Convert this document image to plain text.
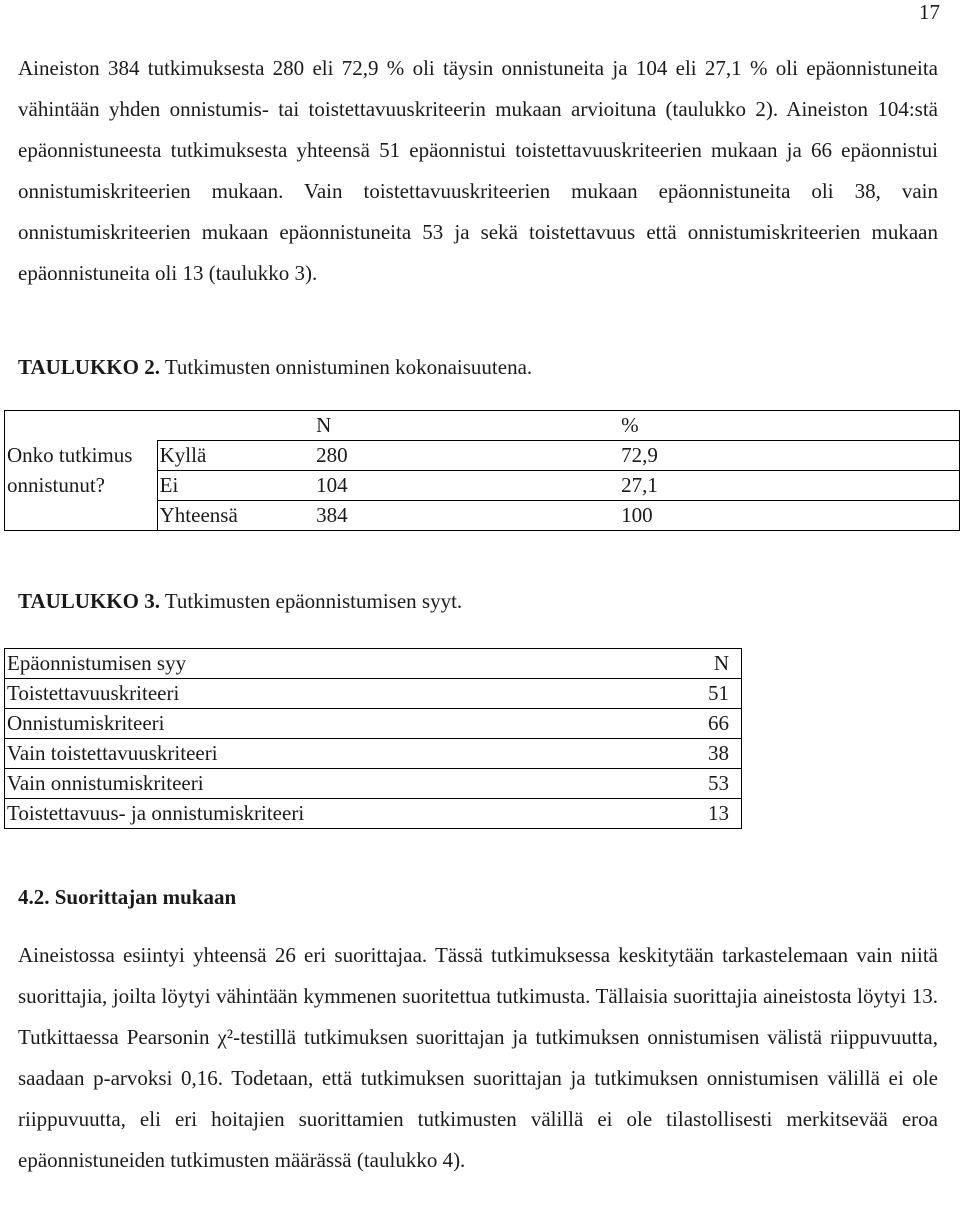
17

Aineiston 384 tutkimuksesta 280 eli 72,9 % oli täysin onnistuneita ja 104 eli 27,1 % oli epäonnistuneita vähintään yhden onnistumis- tai toistettavuuskriteerin mukaan arvioituna (taulukko 2). Aineiston 104:stä epäonnistuneesta tutkimuksesta yhteensä 51 epäonnistui toistettavuuskriteerien mukaan ja 66 epäonnistui onnistumiskriteerien mukaan. Vain toistettavuuskriteerien mukaan epäonnistuneita oli 38, vain onnistumiskriteerien mukaan epäonnistuneita 53 ja sekä toistettavuus että onnistumiskriteerien mukaan epäonnistuneita oli 13 (taulukko 3).

TAULUKKO 2. Tutkimusten onnistuminen kokonaisuutena.
		N	%
Onko tutkimus	Kyllä	280	72,9
onnistunut?	Ei	104	27,1
	Yhteensä	384	100
TAULUKKO 3. Tutkimusten epäonnistumisen syyt.
Epäonnistumisen syy	N
Toistettavuuskriteeri	51
Onnistumiskriteeri	66
Vain toistettavuuskriteeri	38
Vain onnistumiskriteeri	53
Toistettavuus- ja onnistumiskriteeri	13
4.2. Suorittajan mukaan

Aineistossa esiintyi yhteensä 26 eri suorittajaa. Tässä tutkimuksessa keskitytään tarkastelemaan vain niitä suorittajia, joilta löytyi vähintään kymmenen suoritettua tutkimusta. Tällaisia suorittajia aineistosta löytyi 13. Tutkittaessa Pearsonin χ²-testillä tutkimuksen suorittajan ja tutkimuksen onnistumisen välistä riippuvuutta, saadaan p-arvoksi 0,16. Todetaan, että tutkimuksen suorittajan ja tutkimuksen onnistumisen välillä ei ole riippuvuutta, eli eri hoitajien suorittamien tutkimusten välillä ei ole tilastollisesti merkitsevää eroa epäonnistuneiden tutkimusten määrässä (taulukko 4).
